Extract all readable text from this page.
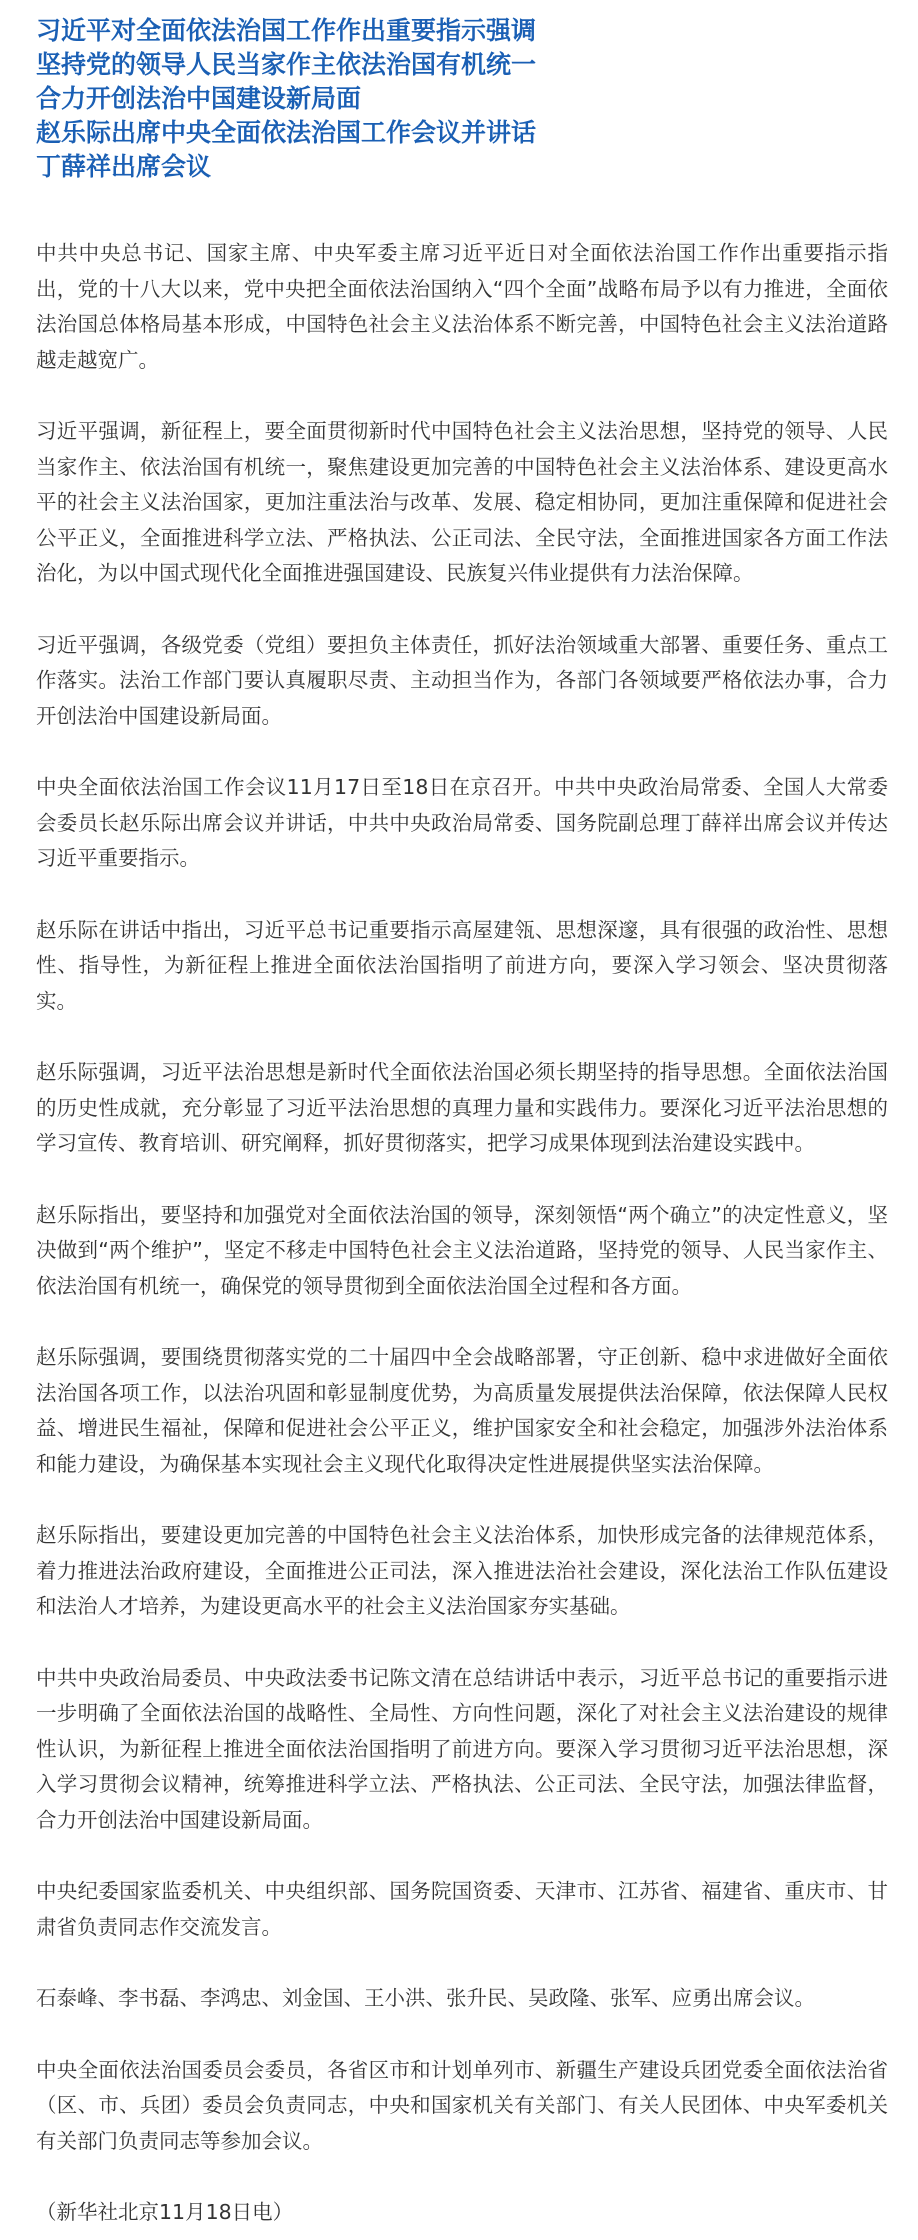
习近平对全面依法治国工作作出重要指示强调
坚持党的领导人民当家作主依法治国有机统一
合力开创法治中国建设新局面
赵乐际出席中央全面依法治国工作会议并讲话
丁薛祥出席会议

中共中央总书记、国家主席、中央军委主席习近平近日对全面依法治国工作作出重要指示指出，党的十八大以来，党中央把全面依法治国纳入“四个全面”战略布局予以有力推进，全面依法治国总体格局基本形成，中国特色社会主义法治体系不断完善，中国特色社会主义法治道路越走越宽广。

习近平强调，新征程上，要全面贯彻新时代中国特色社会主义法治思想，坚持党的领导、人民当家作主、依法治国有机统一，聚焦建设更加完善的中国特色社会主义法治体系、建设更高水平的社会主义法治国家，更加注重法治与改革、发展、稳定相协同，更加注重保障和促进社会公平正义，全面推进科学立法、严格执法、公正司法、全民守法，全面推进国家各方面工作法治化，为以中国式现代化全面推进强国建设、民族复兴伟业提供有力法治保障。

习近平强调，各级党委（党组）要担负主体责任，抓好法治领域重大部署、重要任务、重点工作落实。法治工作部门要认真履职尽责、主动担当作为，各部门各领域要严格依法办事，合力开创法治中国建设新局面。

中央全面依法治国工作会议11月17日至18日在京召开。中共中央政治局常委、全国人大常委会委员长赵乐际出席会议并讲话，中共中央政治局常委、国务院副总理丁薛祥出席会议并传达习近平重要指示。

赵乐际在讲话中指出，习近平总书记重要指示高屋建瓴、思想深邃，具有很强的政治性、思想性、指导性，为新征程上推进全面依法治国指明了前进方向，要深入学习领会、坚决贯彻落实。

赵乐际强调，习近平法治思想是新时代全面依法治国必须长期坚持的指导思想。全面依法治国的历史性成就，充分彰显了习近平法治思想的真理力量和实践伟力。要深化习近平法治思想的学习宣传、教育培训、研究阐释，抓好贯彻落实，把学习成果体现到法治建设实践中。

赵乐际指出，要坚持和加强党对全面依法治国的领导，深刻领悟“两个确立”的决定性意义，坚决做到“两个维护”，坚定不移走中国特色社会主义法治道路，坚持党的领导、人民当家作主、依法治国有机统一，确保党的领导贯彻到全面依法治国全过程和各方面。

赵乐际强调，要围绕贯彻落实党的二十届四中全会战略部署，守正创新、稳中求进做好全面依法治国各项工作，以法治巩固和彰显制度优势，为高质量发展提供法治保障，依法保障人民权益、增进民生福祉，保障和促进社会公平正义，维护国家安全和社会稳定，加强涉外法治体系和能力建设，为确保基本实现社会主义现代化取得决定性进展提供坚实法治保障。

赵乐际指出，要建设更加完善的中国特色社会主义法治体系，加快形成完备的法律规范体系，着力推进法治政府建设，全面推进公正司法，深入推进法治社会建设，深化法治工作队伍建设和法治人才培养，为建设更高水平的社会主义法治国家夯实基础。

中共中央政治局委员、中央政法委书记陈文清在总结讲话中表示，习近平总书记的重要指示进一步明确了全面依法治国的战略性、全局性、方向性问题，深化了对社会主义法治建设的规律性认识，为新征程上推进全面依法治国指明了前进方向。要深入学习贯彻习近平法治思想，深入学习贯彻会议精神，统筹推进科学立法、严格执法、公正司法、全民守法，加强法律监督，合力开创法治中国建设新局面。

中央纪委国家监委机关、中央组织部、国务院国资委、天津市、江苏省、福建省、重庆市、甘肃省负责同志作交流发言。

石泰峰、李书磊、李鸿忠、刘金国、王小洪、张升民、吴政隆、张军、应勇出席会议。

中央全面依法治国委员会委员，各省区市和计划单列市、新疆生产建设兵团党委全面依法治省（区、市、兵团）委员会负责同志，中央和国家机关有关部门、有关人民团体、中央军委机关有关部门负责同志等参加会议。

（新华社北京11月18日电）
